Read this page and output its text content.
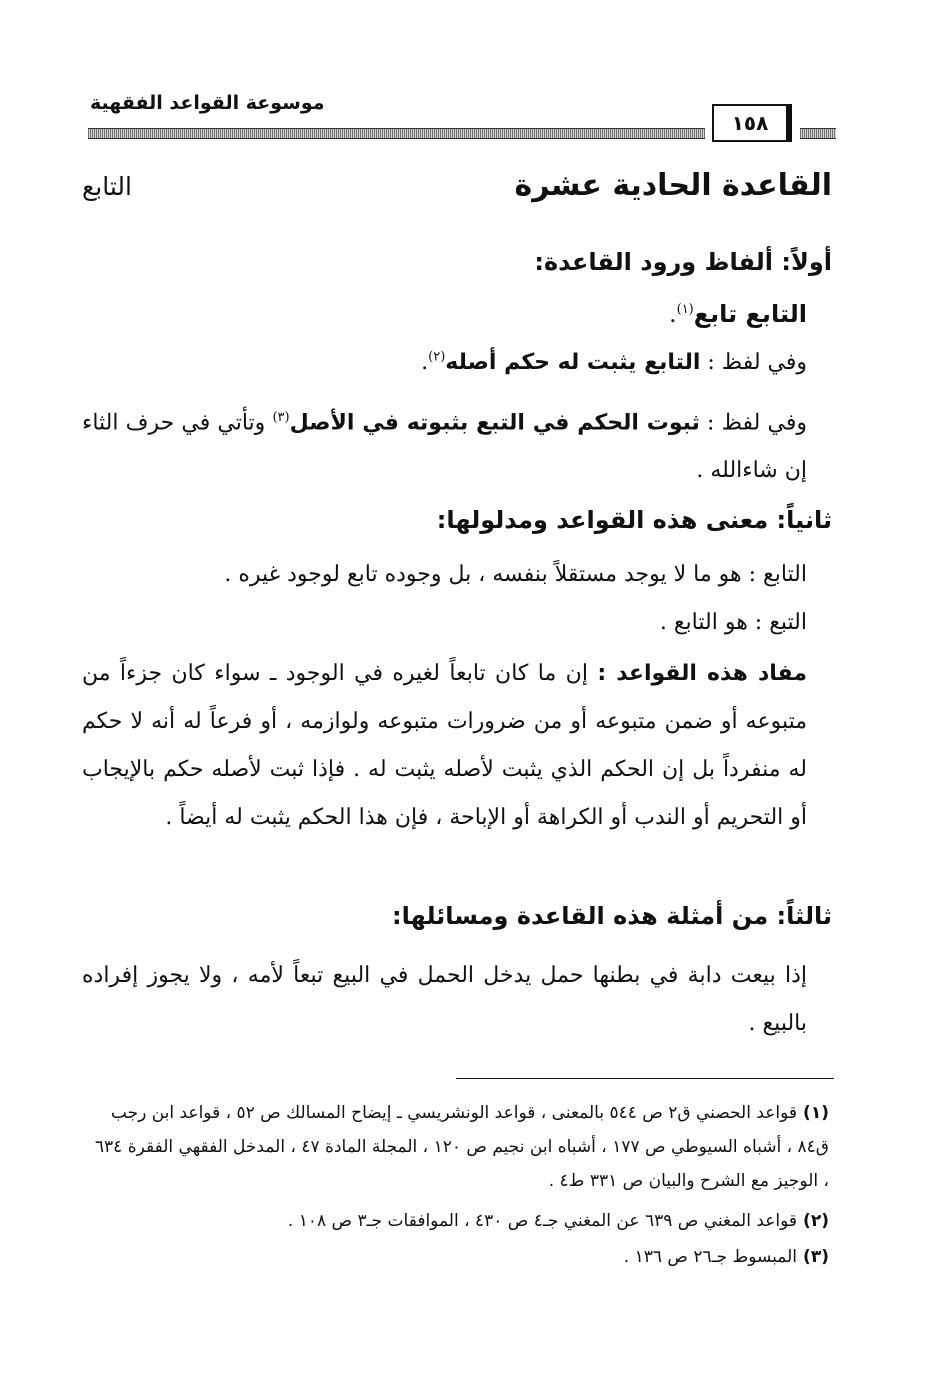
موسوعة القواعد الفقهية
١٥٨
القاعدة الحادية عشرة
التابع
أولاً: ألفاظ ورود القاعدة:
التابع تابع$^{(١)}$.
وفي لفظ : التابع يثبت له حكم أصله$^{(٢)}$.
وفي لفظ : ثبوت الحكم في التبع بثبوته في الأصل$^{(٣)}$ وتأتي في حرف الثاء إن شاءالله .
ثانياً: معنى هذه القواعد ومدلولها:
التابع : هو ما لا يوجد مستقلاً بنفسه ، بل وجوده تابع لوجود غيره .
التبع : هو التابع .
مفاد هذه القواعد : إن ما كان تابعاً لغيره في الوجود ـ سواء كان جزءاً من متبوعه أو ضمن متبوعه أو من ضرورات متبوعه ولوازمه ، أو فرعاً له أنه لا حكم له منفرداً بل إن الحكم الذي يثبت لأصله يثبت له . فإذا ثبت لأصله حكم بالإيجاب أو التحريم أو الندب أو الكراهة أو الإباحة ، فإن هذا الحكم يثبت له أيضاً .
ثالثاً: من أمثلة هذه القاعدة ومسائلها:
إذا بيعت دابة في بطنها حمل يدخل الحمل في البيع تبعاً لأمه ، ولا يجوز إفراده بالبيع .
(١)قواعد الحصني ق٢ ص ٥٤٤ بالمعنى ، قواعد الونشريسي ـ إيضاح المسالك ص ٥٢ ، قواعد ابن رجب ق٨٤ ، أشباه السيوطي ص ١٧٧ ، أشباه ابن نجيم ص ١٢٠ ، المجلة المادة ٤٧ ، المدخل الفقهي الفقرة ٦٣٤ ، الوجيز مع الشرح والبيان ص ٣٣١ ط٤ .
(٢)قواعد المغني ص ٦٣٩ عن المغني جـ٤ ص ٤٣٠ ، الموافقات جـ٣ ص ١٠٨ .
(٣)المبسوط جـ٢٦ ص ١٣٦ .
